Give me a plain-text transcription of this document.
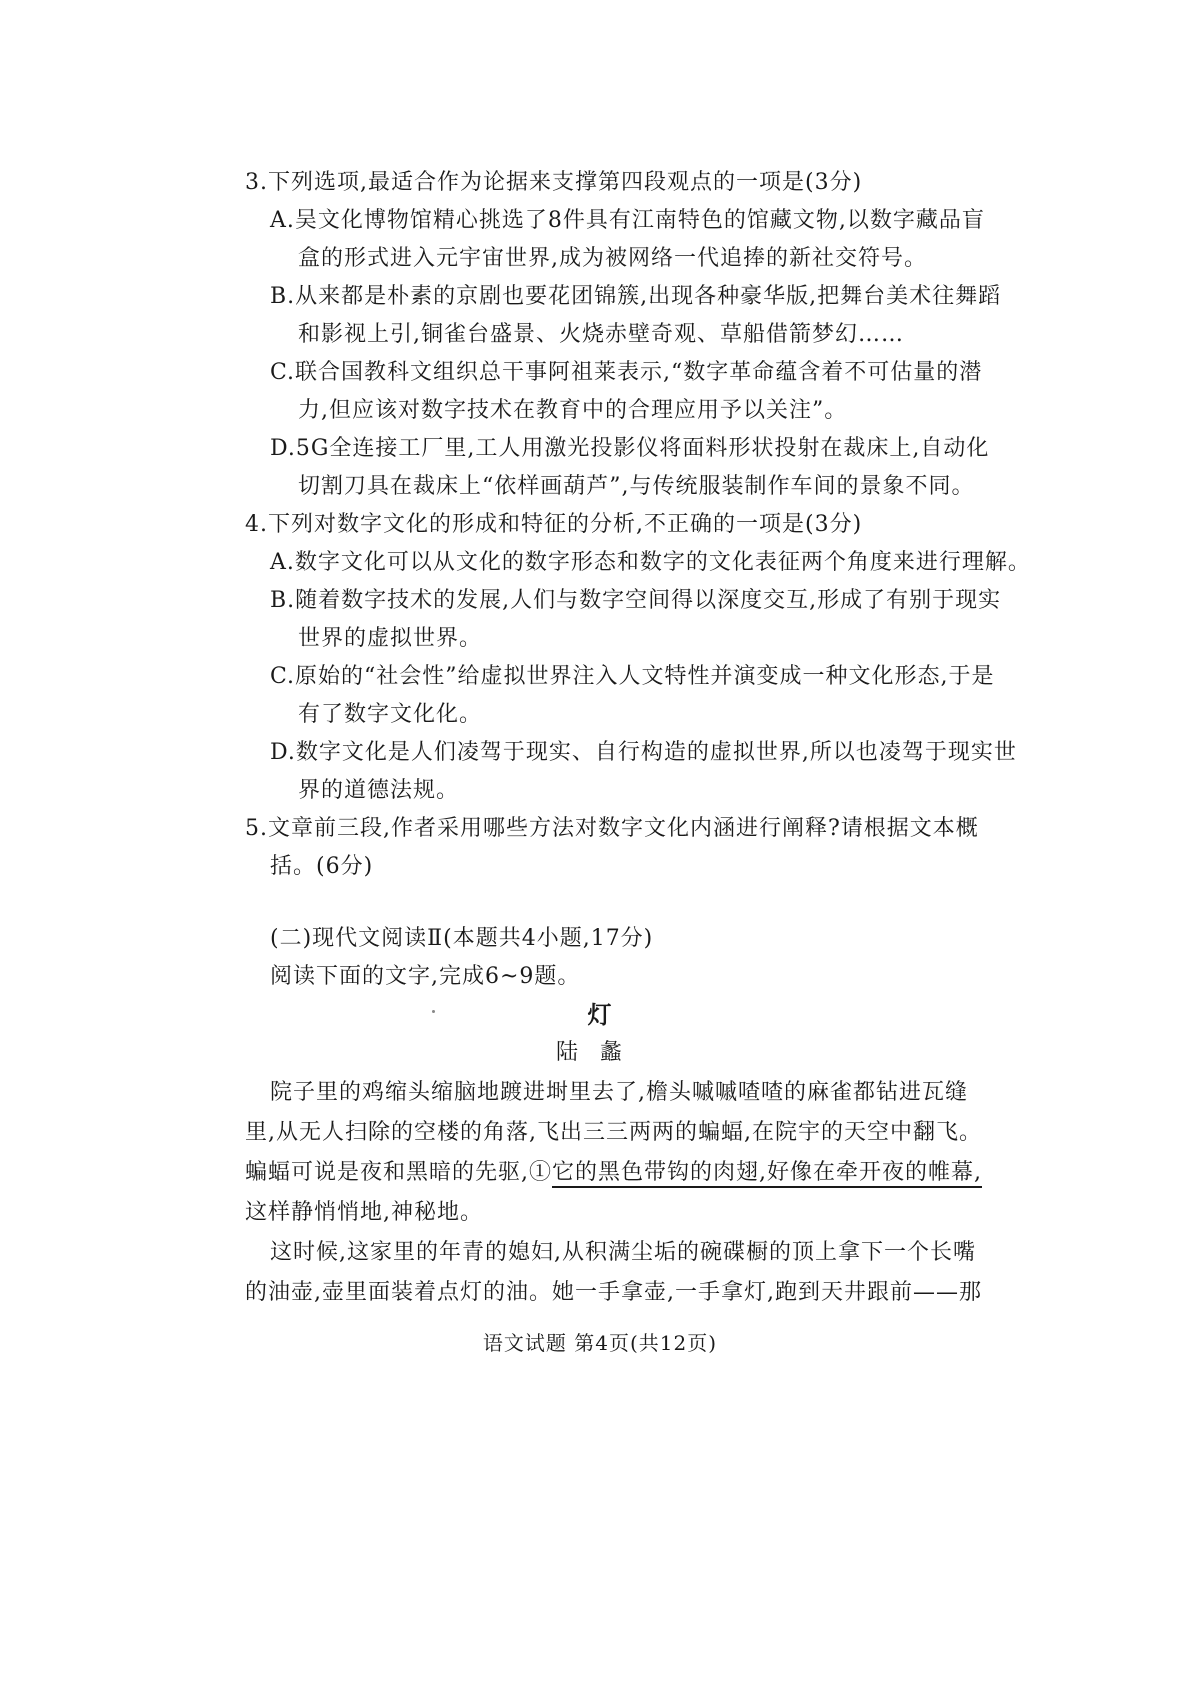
3.下列选项,最适合作为论据来支撑第四段观点的一项是(3分)
A.吴文化博物馆精心挑选了8件具有江南特色的馆藏文物,以数字藏品盲
盒的形式进入元宇宙世界,成为被网络一代追捧的新社交符号。
B.从来都是朴素的京剧也要花团锦簇,出现各种豪华版,把舞台美术往舞蹈
和影视上引,铜雀台盛景、火烧赤壁奇观、草船借箭梦幻……
C.联合国教科文组织总干事阿祖莱表示,“数字革命蕴含着不可估量的潜
力,但应该对数字技术在教育中的合理应用予以关注”。
D.5G全连接工厂里,工人用激光投影仪将面料形状投射在裁床上,自动化
切割刀具在裁床上“依样画葫芦”,与传统服装制作车间的景象不同。
4.下列对数字文化的形成和特征的分析,不正确的一项是(3分)
A.数字文化可以从文化的数字形态和数字的文化表征两个角度来进行理解。
B.随着数字技术的发展,人们与数字空间得以深度交互,形成了有别于现实
世界的虚拟世界。
C.原始的“社会性”给虚拟世界注入人文特性并演变成一种文化形态,于是
有了数字文化化。
D.数字文化是人们凌驾于现实、自行构造的虚拟世界,所以也凌驾于现实世
界的道德法规。
5.文章前三段,作者采用哪些方法对数字文化内涵进行阐释?请根据文本概
括。(6分)
(二)现代文阅读Ⅱ(本题共4小题,17分)
阅读下面的文字,完成6~9题。
灯
陆蠡
院子里的鸡缩头缩脑地踱进埘里去了,檐头嘁嘁喳喳的麻雀都钻进瓦缝
里,从无人扫除的空楼的角落,飞出三三两两的蝙蝠,在院宇的天空中翻飞。
蝙蝠可说是夜和黑暗的先驱,①它的黑色带钩的肉翅,好像在牵开夜的帷幕,
这样静悄悄地,神秘地。
这时候,这家里的年青的媳妇,从积满尘垢的碗碟橱的顶上拿下一个长嘴
的油壶,壶里面装着点灯的油。她一手拿壶,一手拿灯,跑到天井跟前——那
语文试题 第4页(共12页)
